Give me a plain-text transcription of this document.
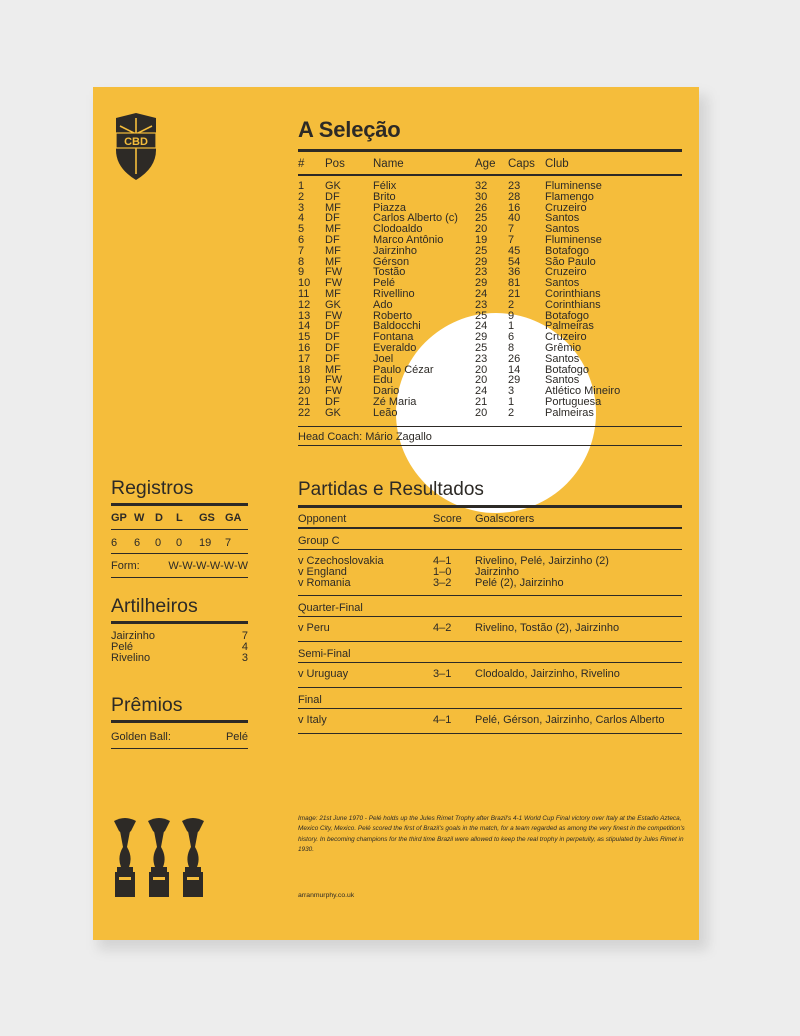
CBD	A Seleção
# Pos Name	Age Caps Club
1 GK	Félix	32 23 Fluminense
2 DF	Brito	30 28 Flamengo
3 MF	Piazza	26 16 Cruzeiro
4 DF	Carlos Alberto (c) 25 40 Santos
5 MF	Clodoaldo	20 7	Santos
6 DF	Marco Antônio	19 7	Fluminense
7 MF	Jairzinho	25 45 Botafogo
8 MF	Gérson	29 54 São Paulo
9 FW	Tostão	23 36 Cruzeiro
10 FW	Pelé	29 81 Santos
11 MF	Rivellino	24 21 Corinthians
12 GK	Ado	23 2	Corinthians
13 FW	Roberto	25 9	Botafogo
14 DF	Baldocchi	24 1	Palmeiras
15 DF	Fontana	29 6	Cruzeiro
16 DF	Everaldo	25 8	Grêmio
17 DF	Joel	23 26 Santos
18 MF	Paulo Cézar	20 14 Botafogo
19 FW	Edu	20 29 Santos
20 FW	Dario	24 3	Atlético Mineiro
21 DF	Zé Maria	21 1	Portuguesa
22 GK	Leão	20 2	Palmeiras
Head Coach: Mário Zagallo
Partidas e Resultados
Opponent	Score Goalscorers
Group C
v Czechoslovakia	4–1 Rivelino, Pelé, Jairzinho (2)
v England	1–0 Jairzinho
v Romania	3–2 Pelé (2), Jairzinho
Quarter-Final
v Peru	4–2 Rivelino, Tostão (2), Jairzinho
Semi-Final
v Uruguay	3–1 Clodoaldo, Jairzinho, Rivelino
Final
v Italy	4–1 Pelé, Gérson, Jairzinho, Carlos Alberto
Registros
GP W D L GS GA
6 6 0 0 19 7
Form:	W-W-W-W-W-W
Artilheiros
Jairzinho	7
Pelé	4
Rivelino	3
Prêmios
Golden Ball:	Pelé
Image: 21st June 1970 - Pelé holds up the Jules Rimet Trophy after Brazil's 4-1 World Cup Final victory over Italy at the Estadio Azteca, Mexico City, Mexico. Pelé scored the first of Brazil's goals in the match, for a team regarded as among the very finest in the competition's history. In becoming champions for the third time Brazil were allowed to keep the real trophy in perpetuity, as stipulated by Jules Rimet in 1930.
arranmurphy.co.uk
